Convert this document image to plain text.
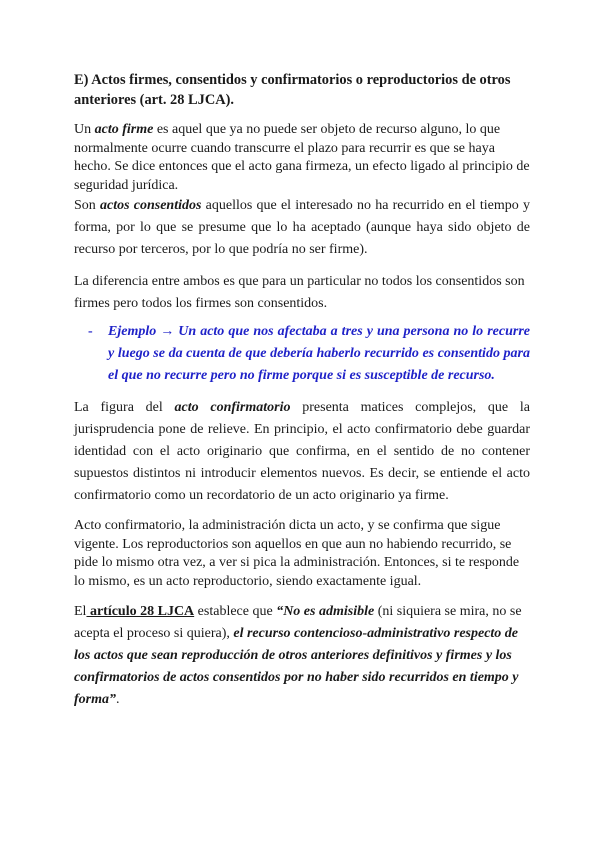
E) Actos firmes, consentidos y confirmatorios o reproductorios de otros anteriores (art. 28 LJCA).

Un acto firme es aquel que ya no puede ser objeto de recurso alguno, lo que normalmente ocurre cuando transcurre el plazo para recurrir es que se haya hecho. Se dice entonces que el acto gana firmeza, un efecto ligado al principio de seguridad jurídica.

Son actos consentidos aquellos que el interesado no ha recurrido en el tiempo y forma, por lo que se presume que lo ha aceptado (aunque haya sido objeto de recurso por terceros, por lo que podría no ser firme).

La diferencia entre ambos es que para un particular no todos los consentidos son firmes pero todos los firmes son consentidos.

- Ejemplo → Un acto que nos afectaba a tres y una persona no lo recurre y luego se da cuenta de que debería haberlo recurrido es consentido para el que no recurre pero no firme porque si es susceptible de recurso.

La figura del acto confirmatorio presenta matices complejos, que la jurisprudencia pone de relieve. En principio, el acto confirmatorio debe guardar identidad con el acto originario que confirma, en el sentido de no contener supuestos distintos ni introducir elementos nuevos. Es decir, se entiende el acto confirmatorio como un recordatorio de un acto originario ya firme.

Acto confirmatorio, la administración dicta un acto, y se confirma que sigue vigente. Los reproductorios son aquellos en que aun no habiendo recurrido, se pide lo mismo otra vez, a ver si pica la administración. Entonces, si te responde lo mismo, es un acto reproductorio, siendo exactamente igual.

El artículo 28 LJCA establece que “No es admisible (ni siquiera se mira, no se acepta el proceso si quiera), el recurso contencioso-administrativo respecto de los actos que sean reproducción de otros anteriores definitivos y firmes y los confirmatorios de actos consentidos por no haber sido recurridos en tiempo y forma”.
